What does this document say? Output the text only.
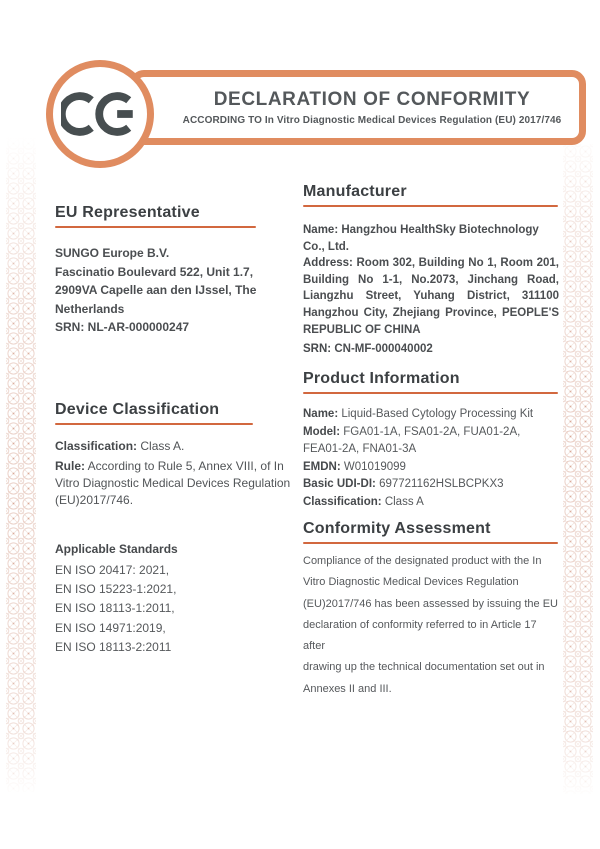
DECLARATION OF CONFORMITY
ACCORDING TO In Vitro Diagnostic Medical Devices Regulation (EU) 2017/746
EU Representative
SUNGO Europe B.V.
Fascinatio Boulevard 522, Unit 1.7,
2909VA Capelle aan den IJssel, The
Netherlands
SRN: NL-AR-000000247
Device Classification

Classification: Class A.

Rule: According to Rule 5, Annex VIII, of In Vitro Diagnostic Medical Devices Regulation (EU)2017/746.

Applicable Standards
EN ISO 20417: 2021,
EN ISO 15223-1:2021,
EN ISO 18113-1:2011,
EN ISO 14971:2019,
EN ISO 18113-2:2011
Manufacturer

Name: Hangzhou HealthSky Biotechnology Co., Ltd.

Address: Room 302, Building No 1, Room 201, Building No 1-1, No.2073, Jinchang Road, Liangzhu Street, Yuhang District, 311100 Hangzhou City, Zhejiang Province, PEOPLE'S REPUBLIC OF CHINA

SRN: CN-MF-000040002

Product Information

Name: Liquid-Based Cytology Processing Kit

Model: FGA01-1A, FSA01-2A, FUA01-2A, FEA01-2A, FNA01-3A

EMDN: W01019099

Basic UDI-DI: 697721162HSLBCPKX3

Classification: Class A

Conformity Assessment
Compliance of the designated product with the In
Vitro Diagnostic Medical Devices Regulation
(EU)2017/746 has been assessed by issuing the EU
declaration of conformity referred to in Article 17 after
drawing up the technical documentation set out in
Annexes II and III.
